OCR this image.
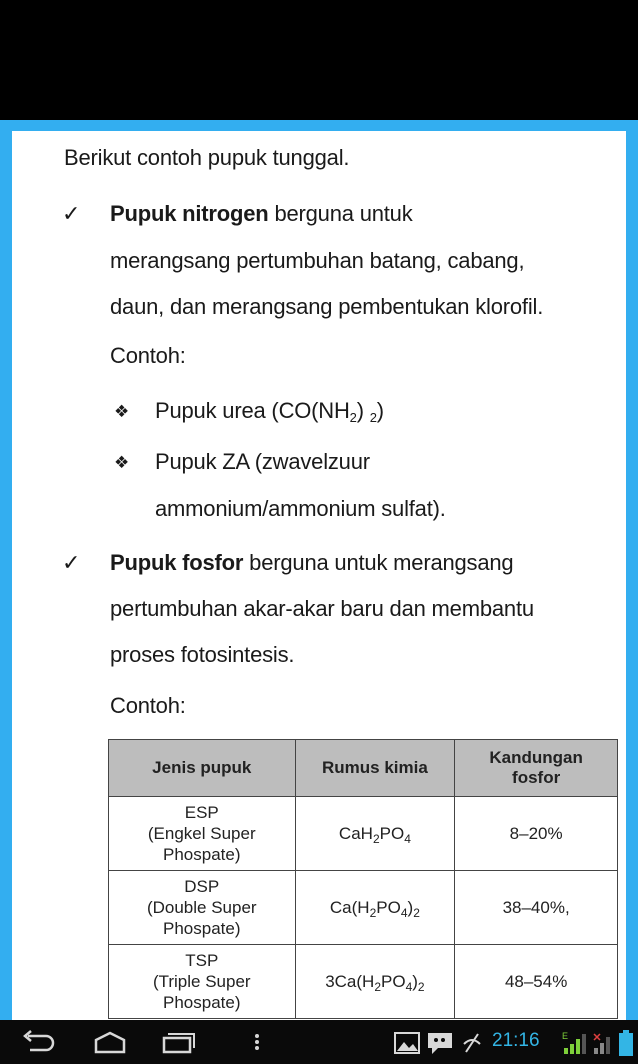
Berikut contoh pupuk tunggal.
✓ Pupuk nitrogen berguna untuk
merangsang pertumbuhan batang, cabang,
daun, dan merangsang pembentukan klorofil.
Contoh:
❖ Pupuk urea ($CO(NH_2)$ $_2$)
❖ Pupuk ZA (zwavelzuur
ammonium/ammonium sulfat).
✓ Pupuk fosfor berguna untuk merangsang
pertumbuhan akar-akar baru dan membantu
proses fotosintesis.
Contoh:
Jenis pupuk	Rumus kimia	Kandungan
fosfor
ESP
(Engkel Super
Phospate)	$CaH_2PO_4$	8–20%
DSP
(Double Super
Phospate)	$Ca(H_2PO_4)_2$	38–40%,
TSP
(Triple Super
Phospate)	$3Ca(H_2PO_4)_2$	48–54%
21:16 E
